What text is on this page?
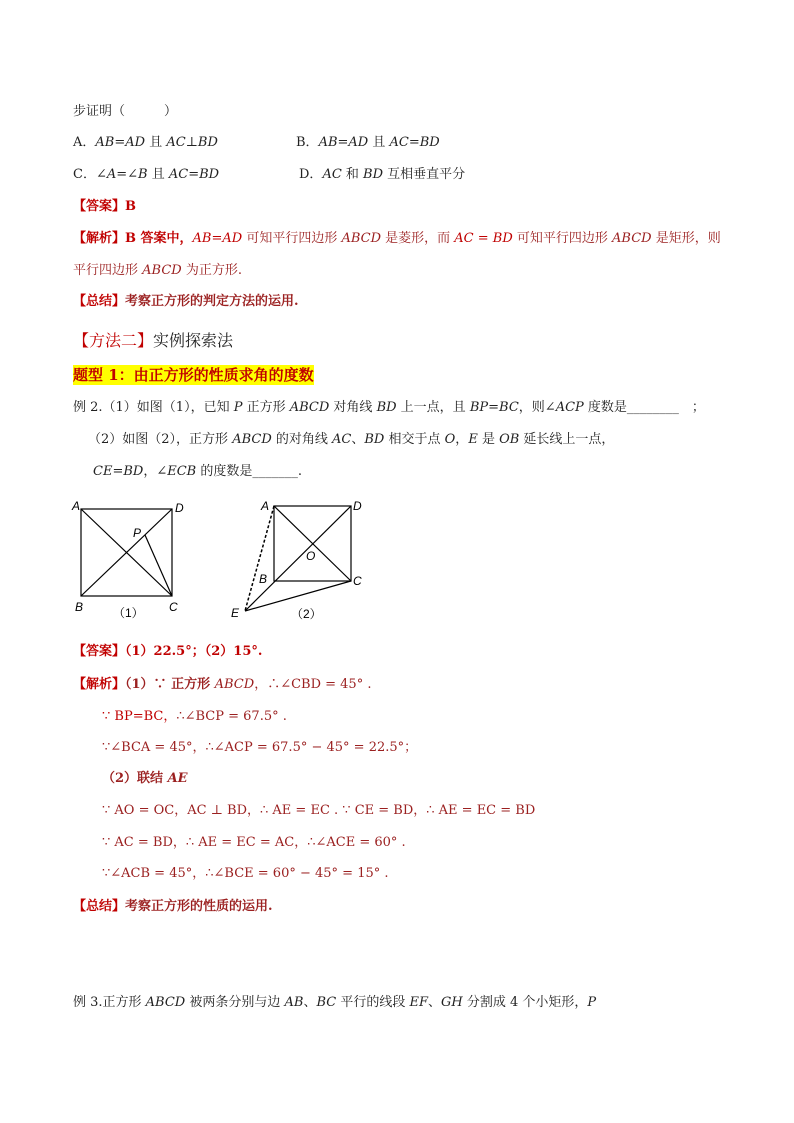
步证明（　　　）
A．AB=AD 且 AC⊥BD	B．AB=AD 且 AC=BD
C．∠A=∠B 且 AC=BD	D．AC 和 BD 互相垂直平分
【答案】B
【解析】B 答案中，AB=AD 可知平行四边形 ABCD 是菱形，而 AC = BD 可知平行四边形 ABCD 是矩形，则
平行四边形 ABCD 为正方形.
【总结】考察正方形的判定方法的运用.
【方法二】实例探索法
题型 1：由正方形的性质求角的度数
例 2.（1）如图（1），已知 P 正方形 ABCD 对角线 BD 上一点，且 BP=BC，则∠ACP 度数是________　；
（2）如图（2），正方形 ABCD 的对角线 AC、BD 相交于点 O，E 是 OB 延长线上一点，
CE=BD，∠ECB 的度数是_______.
A	D
P
B	C
（1）
A	D
O
B	C
E	（2）
【答案】（1）22.5°；（2）15°.
【解析】（1）∵ 正方形 ABCD，∴∠CBD = 45° .
∵ BP=BC，∴∠BCP = 67.5° .
∵∠BCA = 45°，∴∠ACP = 67.5° − 45° = 22.5°；
（2）联结 AE
∵ AO = OC，AC ⊥ BD，∴ AE = EC . ∵ CE = BD，∴ AE = EC = BD
∵ AC = BD，∴ AE = EC = AC，∴∠ACE = 60° .
∵∠ACB = 45°，∴∠BCE = 60° − 45° = 15° .
【总结】考察正方形的性质的运用.
例 3.正方形 ABCD 被两条分别与边 AB、BC 平行的线段 EF、GH 分割成 4 个小矩形，P
